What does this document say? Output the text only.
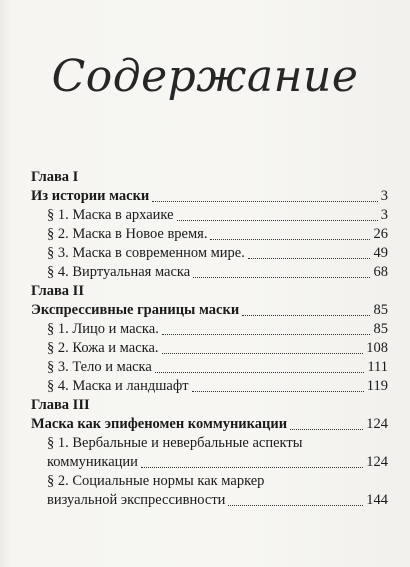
Содержание
Глава I
Из истории маски	3
§ 1. Маска в архаике	3
§ 2. Маска в Новое время.	26
§ 3. Маска в современном мире.	49
§ 4. Виртуальная маска	68
Глава II
Экспрессивные границы маски	85
§ 1. Лицо и маска.	85
§ 2. Кожа и маска.	108
§ 3. Тело и маска	111
§ 4. Маска и ландшафт	119
Глава III
Маска как эпифеномен коммуникации	124
§ 1. Вербальные и невербальные аспекты
коммуникации	124
§ 2. Социальные нормы как маркер
визуальной экспрессивности	144
